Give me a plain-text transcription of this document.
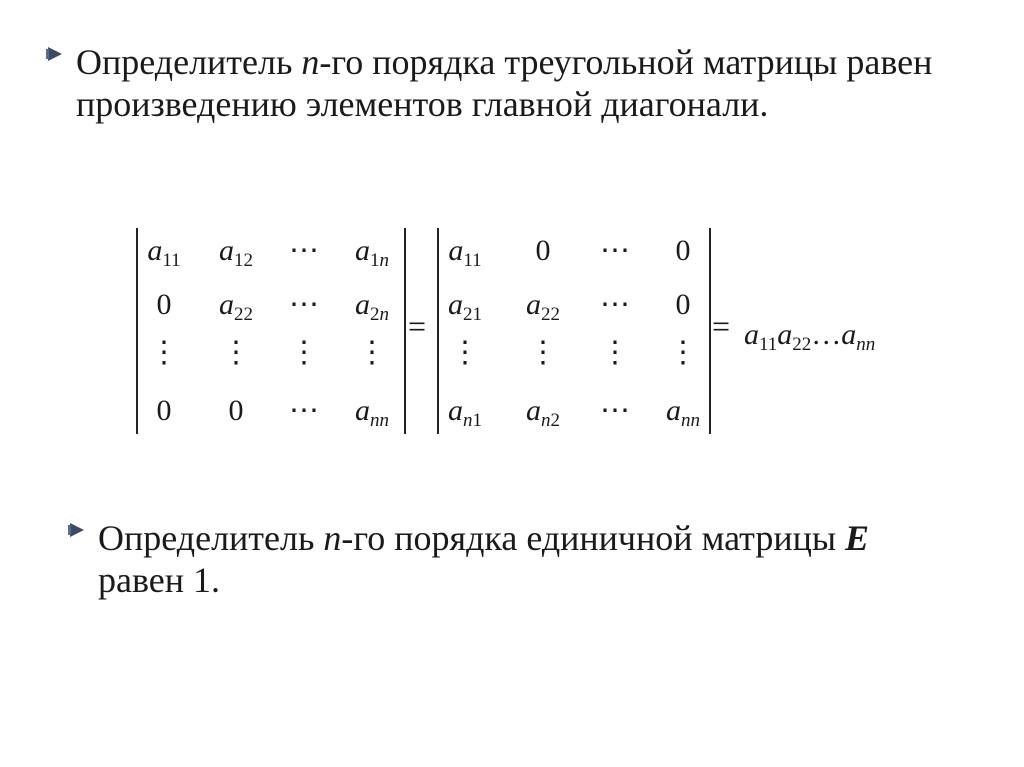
Определитель n-го порядка треугольной матрицы равен произведению элементов главной диагонали.
$a_{11}$ $a_{12}$ ⋯ $a_{1n}$
0 $a_{22}$ ⋯ $a_{2n}$
⋮ ⋮ ⋮ ⋮
0 0 ⋯ $a_{nn}$
=
$a_{11}$ 0 ⋯ 0
$a_{21}$ $a_{22}$ ⋯ 0
⋮ ⋮ ⋮ ⋮
$a_{n1}$ $a_{n2}$ ⋯ $a_{nn}$
= $a_{11}a_{22}\dots a_{nn}$
Определитель n-го порядка единичной матрицы E
равен 1.
